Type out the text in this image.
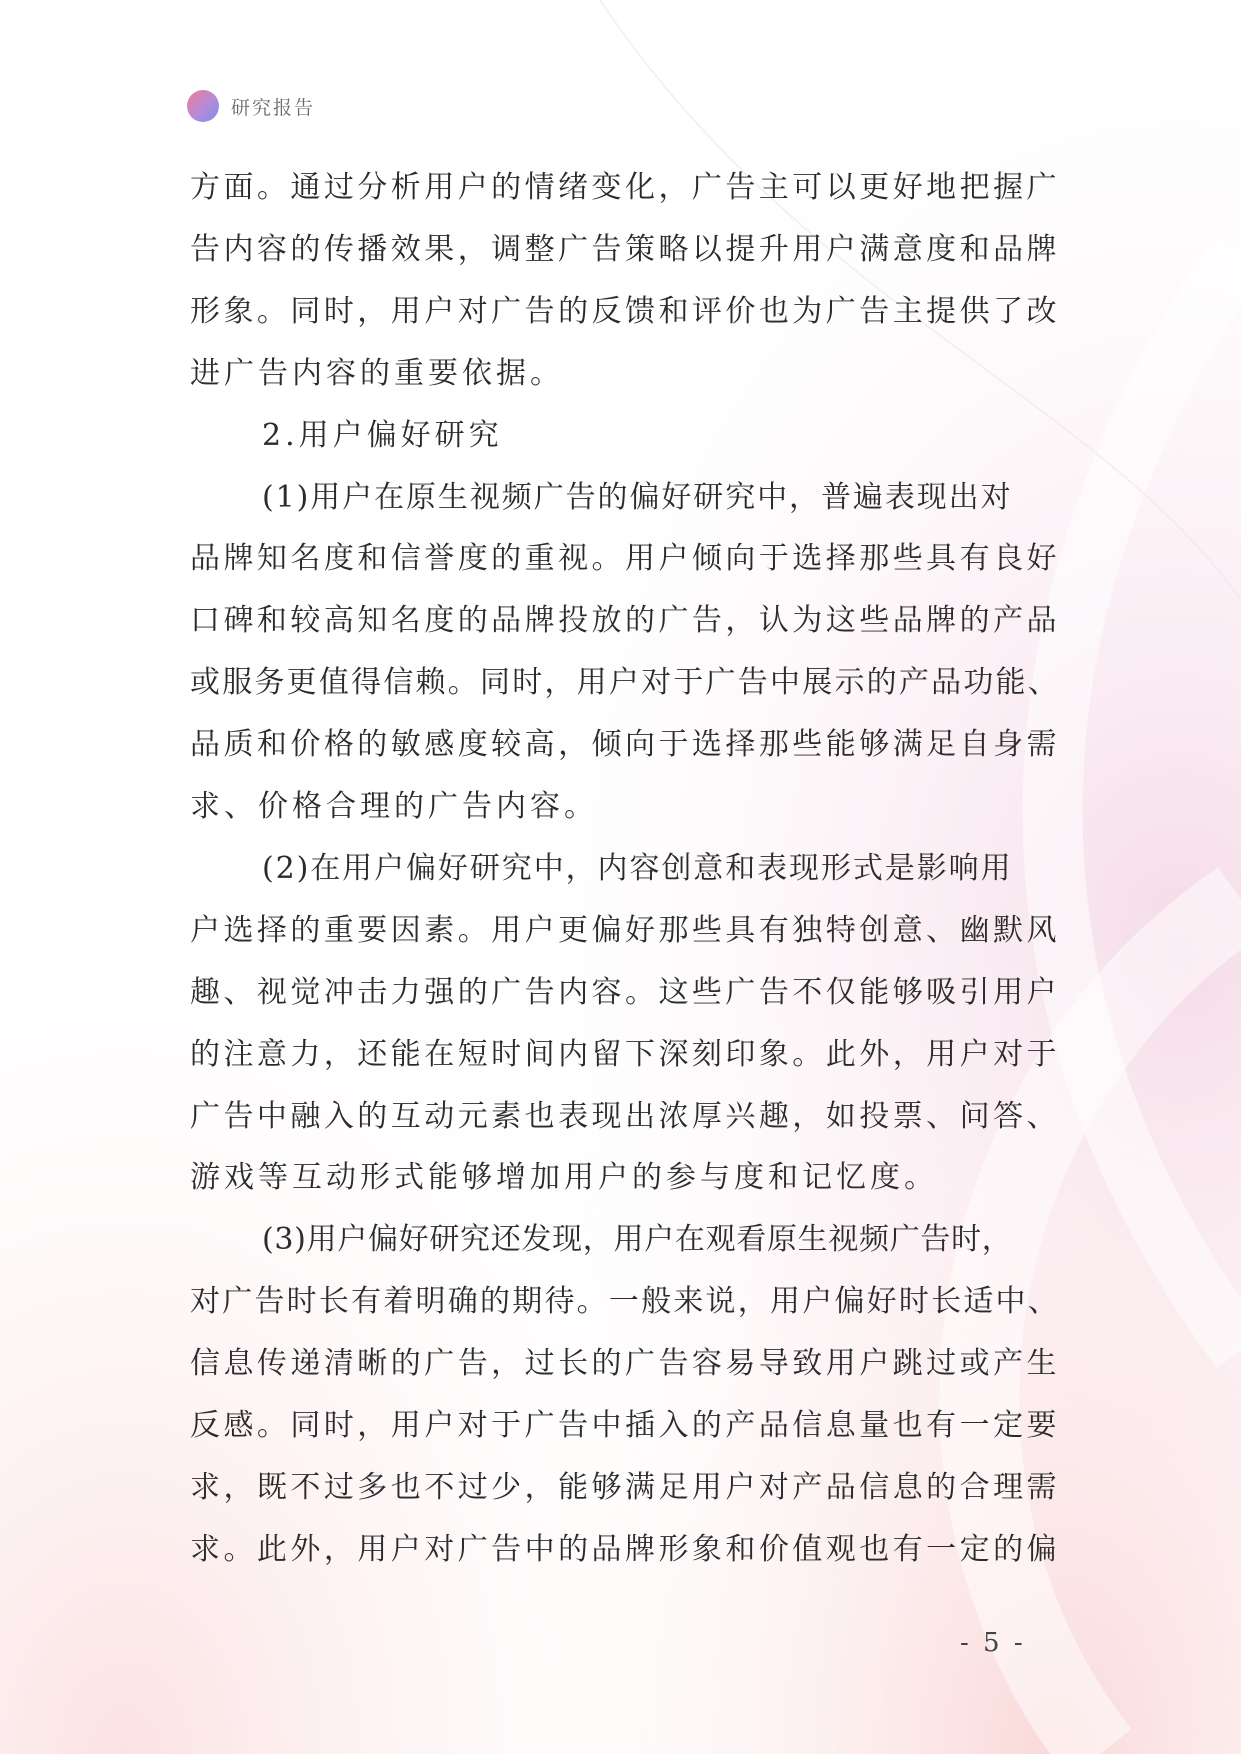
研究报告
方面。通过分析用户的情绪变化，广告主可以更好地把握广
告内容的传播效果，调整广告策略以提升用户满意度和品牌
形象。同时，用户对广告的反馈和评价也为广告主提供了改
进广告内容的重要依据。
2.用户偏好研究
(1)用户在原生视频广告的偏好研究中，普遍表现出对
品牌知名度和信誉度的重视。用户倾向于选择那些具有良好
口碑和较高知名度的品牌投放的广告，认为这些品牌的产品
或服务更值得信赖。同时，用户对于广告中展示的产品功能、
品质和价格的敏感度较高，倾向于选择那些能够满足自身需
求、价格合理的广告内容。
(2)在用户偏好研究中，内容创意和表现形式是影响用
户选择的重要因素。用户更偏好那些具有独特创意、幽默风
趣、视觉冲击力强的广告内容。这些广告不仅能够吸引用户
的注意力，还能在短时间内留下深刻印象。此外，用户对于
广告中融入的互动元素也表现出浓厚兴趣，如投票、问答、
游戏等互动形式能够增加用户的参与度和记忆度。
(3)用户偏好研究还发现，用户在观看原生视频广告时，
对广告时长有着明确的期待。一般来说，用户偏好时长适中、
信息传递清晰的广告，过长的广告容易导致用户跳过或产生
反感。同时，用户对于广告中插入的产品信息量也有一定要
求，既不过多也不过少，能够满足用户对产品信息的合理需
求。此外，用户对广告中的品牌形象和价值观也有一定的偏
- 5 -
